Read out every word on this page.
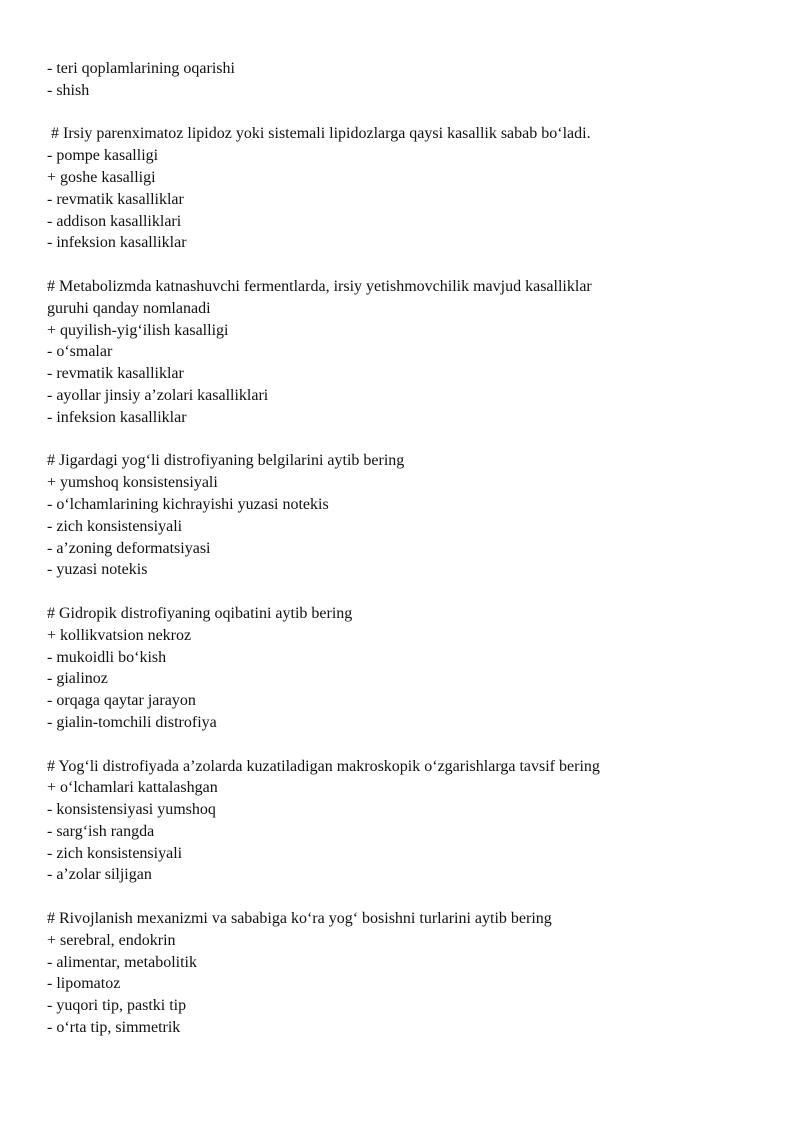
- teri qoplamlarining oqarishi
- shish
# Irsiy parenximatoz lipidoz yoki sistemali lipidozlarga qaysi kasallik sabab bo‘ladi.
- pompe kasalligi
+ goshe kasalligi
- revmatik kasalliklar
- addison kasalliklari
- infeksion kasalliklar
# Metabolizmda katnashuvchi fermentlarda, irsiy yetishmovchilik mavjud kasalliklar
guruhi qanday nomlanadi
+ quyilish-yig‘ilish kasalligi
- o‘smalar
- revmatik kasalliklar
- ayollar jinsiy a’zolari kasalliklari
- infeksion kasalliklar
# Jigardagi yog‘li distrofiyaning belgilarini aytib bering
+ yumshoq konsistensiyali
- o‘lchamlarining kichrayishi yuzasi notekis
- zich konsistensiyali
- a’zoning deformatsiyasi
- yuzasi notekis
# Gidropik distrofiyaning oqibatini aytib bering
+ kollikvatsion nekroz
- mukoidli bo‘kish
- gialinoz
- orqaga qaytar jarayon
- gialin-tomchili distrofiya
# Yog‘li distrofiyada a’zolarda kuzatiladigan makroskopik o‘zgarishlarga tavsif bering
+ o‘lchamlari kattalashgan
- konsistensiyasi yumshoq
- sarg‘ish rangda
- zich konsistensiyali
- a’zolar siljigan
# Rivojlanish mexanizmi va sababiga ko‘ra yog‘ bosishni turlarini aytib bering
+ serebral, endokrin
- alimentar, metabolitik
- lipomatoz
- yuqori tip, pastki tip
- o‘rta tip, simmetrik
